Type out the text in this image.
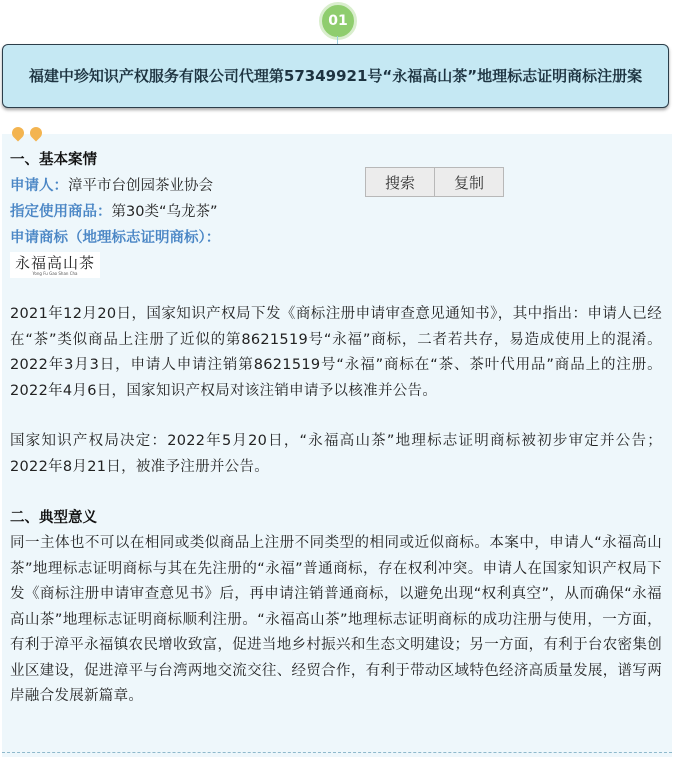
01
福建中珍知识产权服务有限公司代理第57349921号“永福高山茶”地理标志证明商标注册案
一、基本案情
申请人：漳平市台创园茶业协会
指定使用商品：第30类“乌龙茶”
申请商标（地理标志证明商标）：
搜索	复制
永福高山茶
Yong Fu Gao Shan Cha
2021年12月20日，国家知识产权局下发《商标注册申请审查意见通知书》，其中指出：申请人已经在“茶”类似商品上注册了近似的第8621519号“永福”商标，二者若共存，易造成使用上的混淆。2022年3月3日，申请人申请注销第8621519号“永福”商标在“茶、茶叶代用品”商品上的注册。2022年4月6日，国家知识产权局对该注销申请予以核准并公告。
国家知识产权局决定：2022年5月20日，“永福高山茶”地理标志证明商标被初步审定并公告；2022年8月21日，被准予注册并公告。
二、典型意义
同一主体也不可以在相同或类似商品上注册不同类型的相同或近似商标。本案中，申请人“永福高山茶”地理标志证明商标与其在先注册的“永福”普通商标，存在权利冲突。申请人在国家知识产权局下发《商标注册申请审查意见书》后，再申请注销普通商标，以避免出现“权利真空”，从而确保“永福高山茶”地理标志证明商标顺利注册。“永福高山茶”地理标志证明商标的成功注册与使用，一方面，有利于漳平永福镇农民增收致富，促进当地乡村振兴和生态文明建设；另一方面，有利于台农密集创业区建设，促进漳平与台湾两地交流交往、经贸合作，有利于带动区域特色经济高质量发展，谱写两岸融合发展新篇章。
